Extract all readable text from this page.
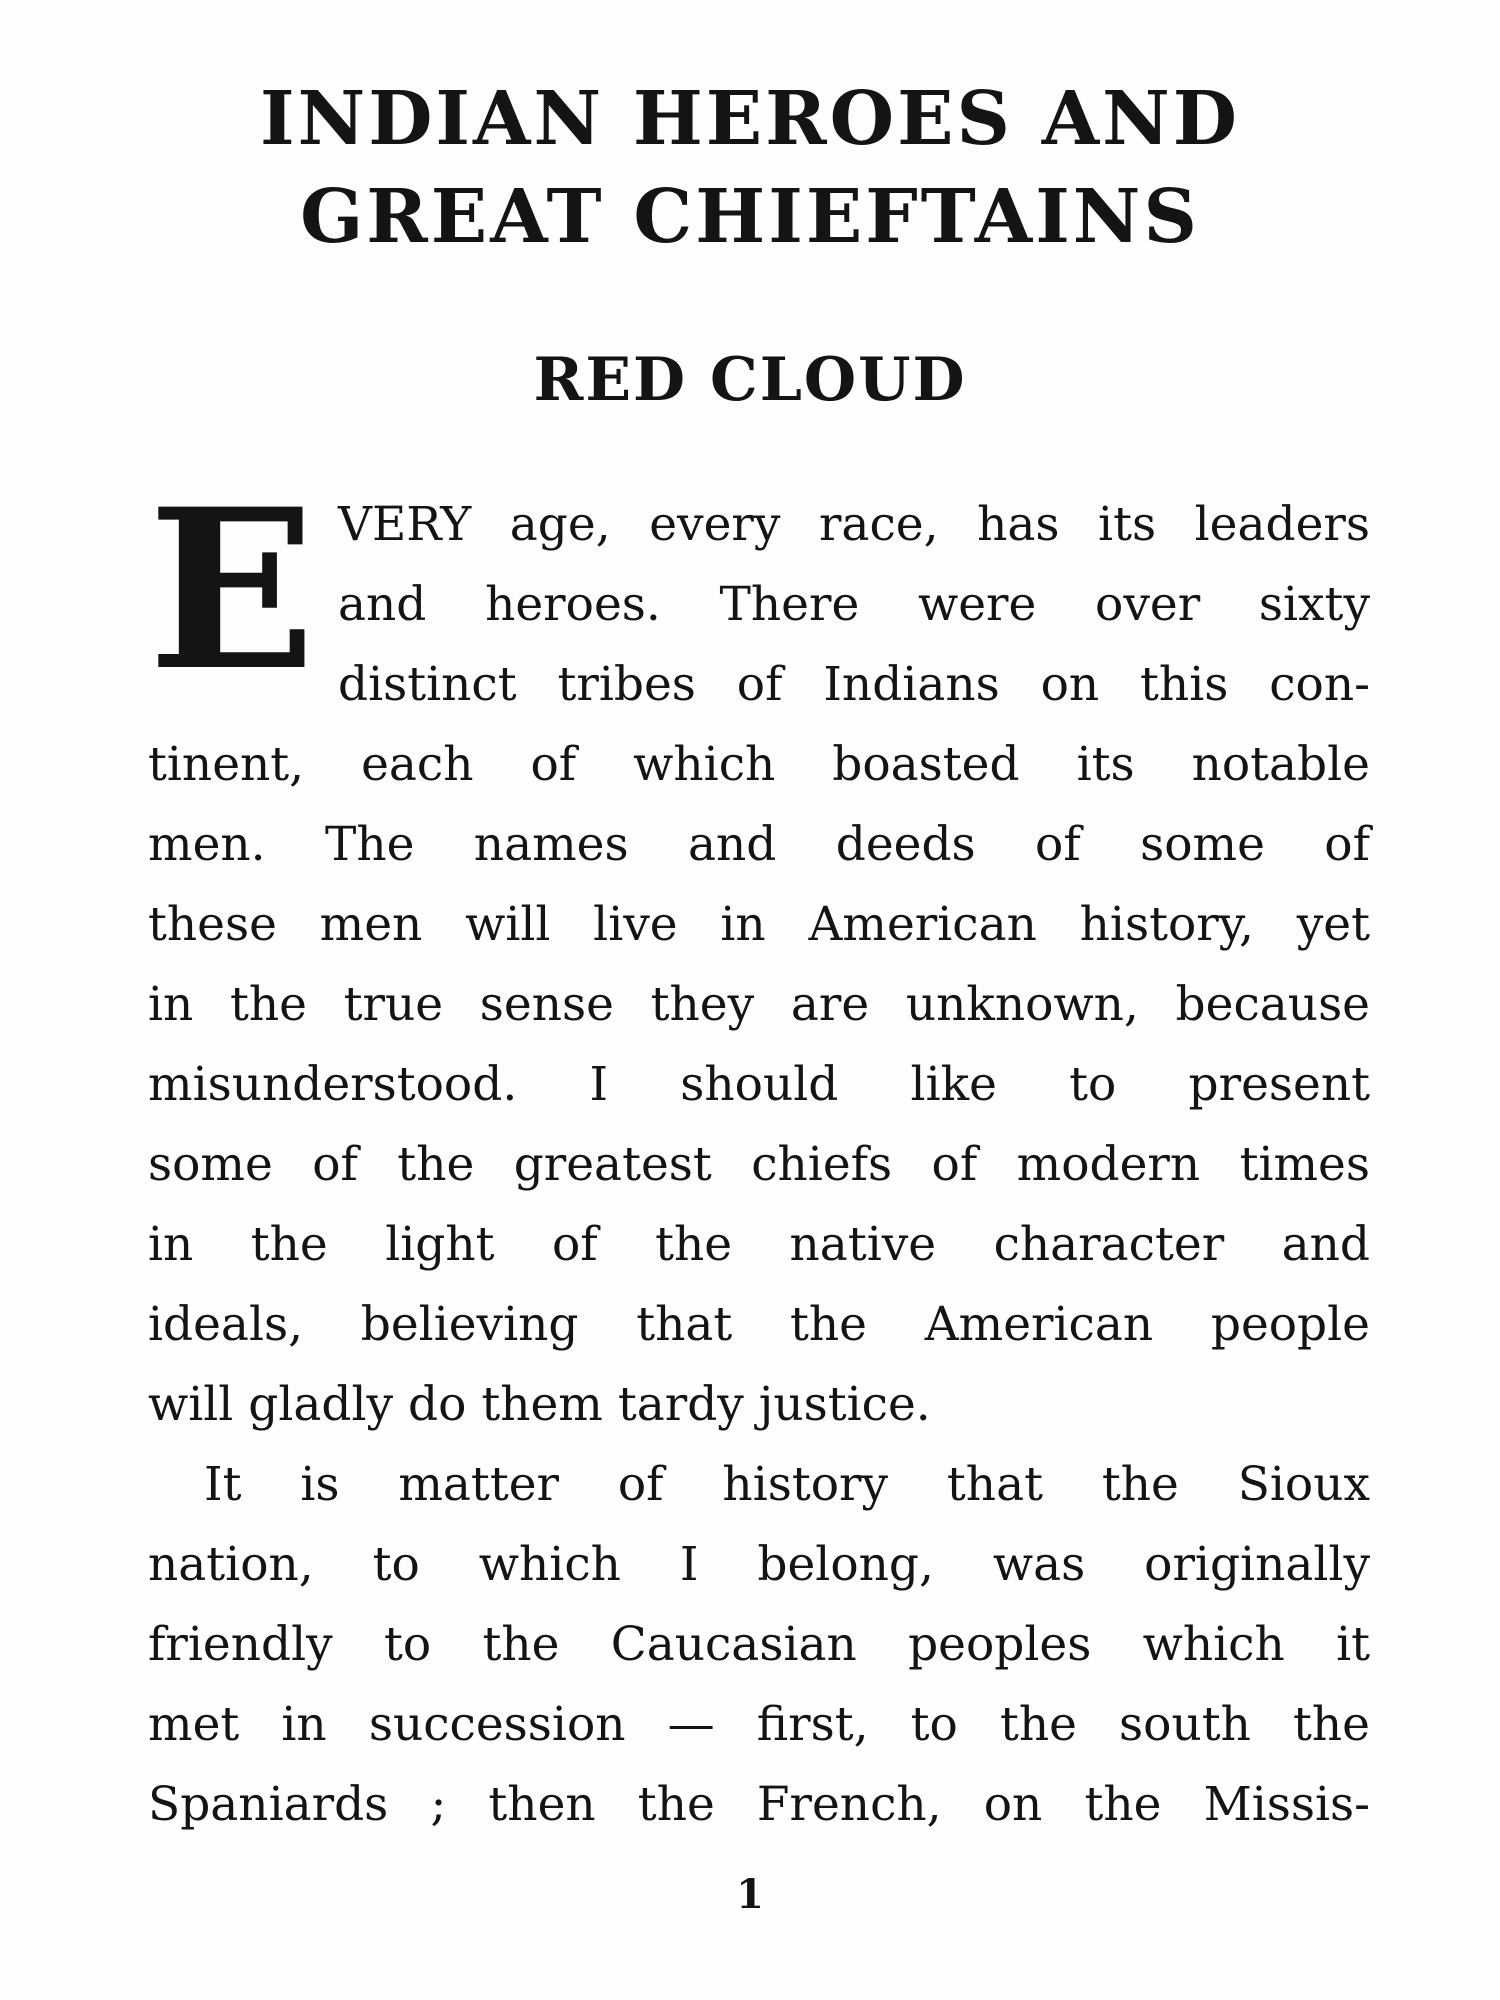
INDIAN HEROES AND
GREAT CHIEFTAINS
RED CLOUD
E VERY age, every race, has its leaders
and heroes. There were over sixty
distinct tribes of Indians on this con-
tinent, each of which boasted its notable
men. The names and deeds of some of
these men will live in American history, yet
in the true sense they are unknown, because
misunderstood. I should like to present
some of the greatest chiefs of modern times
in the light of the native character and
ideals, believing that the American people
will gladly do them tardy justice.
It is matter of history that the Sioux
nation, to which I belong, was originally
friendly to the Caucasian peoples which it
met in succession — first, to the south the
Spaniards ; then the French, on the Missis-
1
